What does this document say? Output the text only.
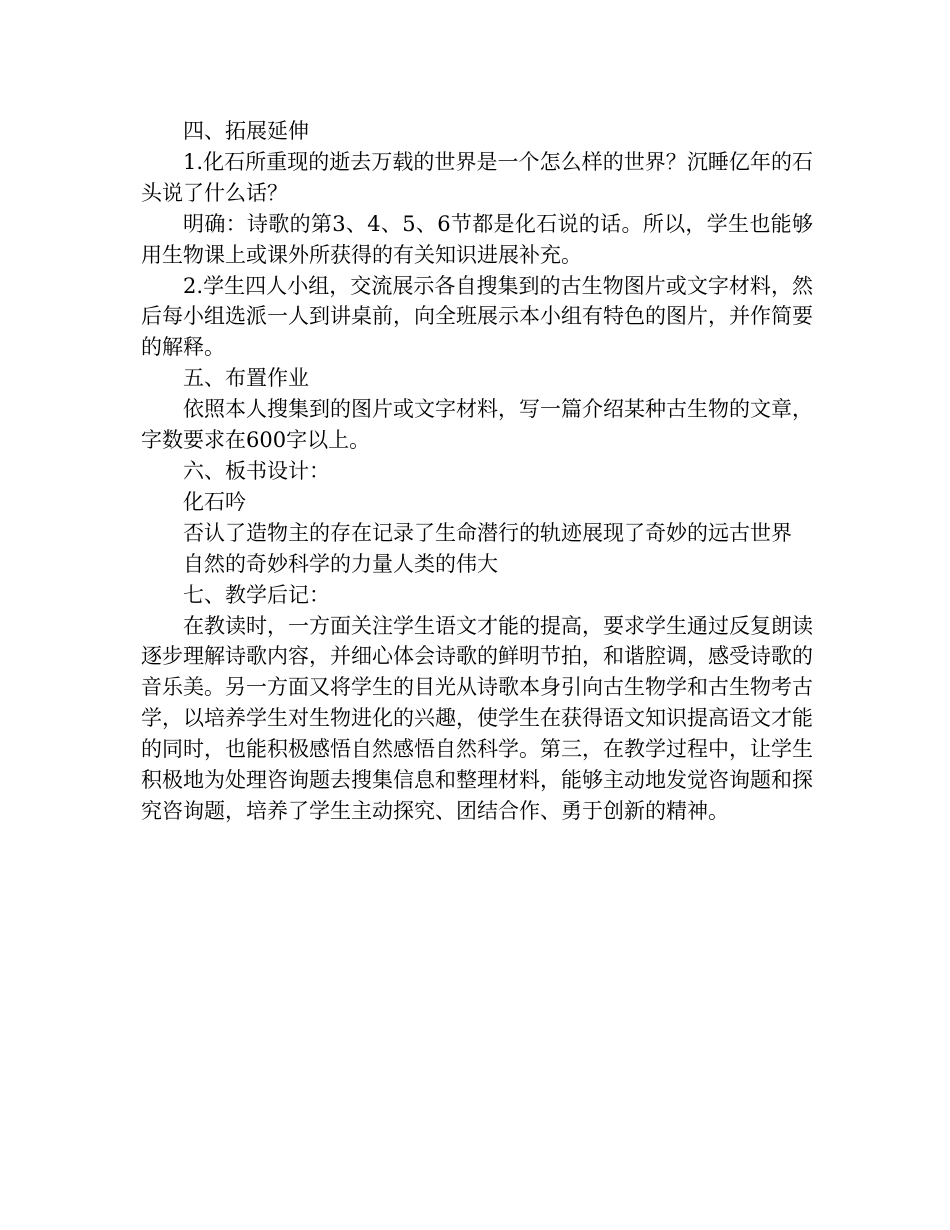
四、拓展延伸

1.化石所重现的逝去万载的世界是一个怎么样的世界？沉睡亿年的石头说了什么话？

明确：诗歌的第3、4、5、6节都是化石说的话。所以，学生也能够用生物课上或课外所获得的有关知识进展补充。

2.学生四人小组，交流展示各自搜集到的古生物图片或文字材料，然后每小组选派一人到讲桌前，向全班展示本小组有特色的图片，并作简要的解释。

五、布置作业

依照本人搜集到的图片或文字材料，写一篇介绍某种古生物的文章，字数要求在600字以上。

六、板书设计：

化石吟

否认了造物主的存在记录了生命潜行的轨迹展现了奇妙的远古世界

自然的奇妙科学的力量人类的伟大

七、教学后记：

在教读时，一方面关注学生语文才能的提高，要求学生通过反复朗读逐步理解诗歌内容，并细心体会诗歌的鲜明节拍，和谐腔调，感受诗歌的音乐美。另一方面又将学生的目光从诗歌本身引向古生物学和古生物考古学，以培养学生对生物进化的兴趣，使学生在获得语文知识提高语文才能的同时，也能积极感悟自然感悟自然科学。第三，在教学过程中，让学生积极地为处理咨询题去搜集信息和整理材料，能够主动地发觉咨询题和探究咨询题，培养了学生主动探究、团结合作、勇于创新的精神。
